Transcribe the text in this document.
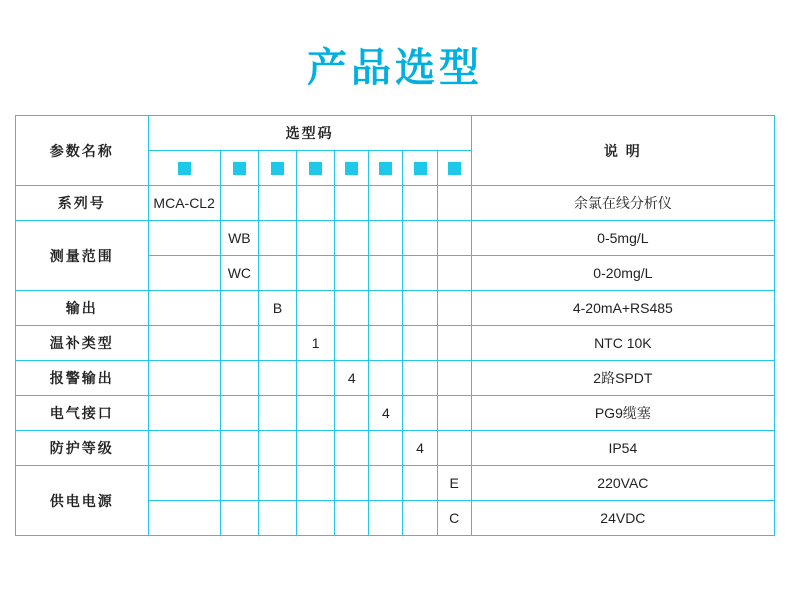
产品选型
参数名称	选型码								说 明

系列号	MCA-CL2								余氯在线分析仪
测量范围		WB							0-5mg/L
		WC							0-20mg/L
输出			B						4-20mA+RS485
温补类型				1					NTC 10K
报警输出					4				2路SPDT
电气接口						4			PG9缆塞
防护等级							4		IP54
供电电源								E	220VAC
								C	24VDC
